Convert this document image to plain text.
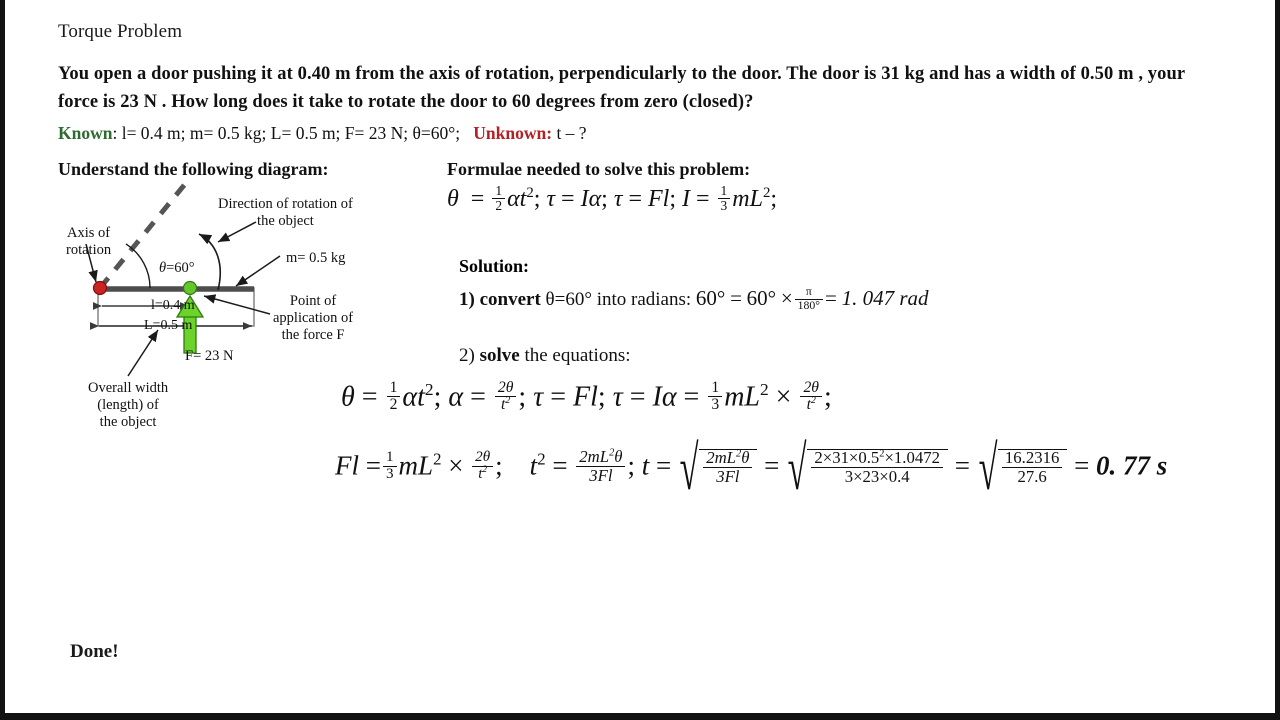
Torque Problem
You open a door pushing it at 0.40 m from the axis of rotation, perpendicularly to the door. The door is 31 kg and has a width of 0.50 m , your force is 23 N . How long does it take to rotate the door to 60 degrees from zero (closed)?
Known: l= 0.4 m; m= 0.5 kg; L= 0.5 m; F= 23 N; θ=60°; Unknown: t – ?
Understand the following diagram:	Formulae needed to solve this problem:
Solution:
$\theta = \frac{1}{2} \alpha t^2$; τ = Iα; τ = Fl; $I = \frac{1}{3} mL^2$;
1) convert θ=60° into radians: $60^\circ = 60^\circ \times \frac{\pi}{180^\circ} = 1$. 047 rad
2) solve the equations:
$\theta = \frac{1}{2} \alpha t^2$; $\alpha = \frac{2\theta}{t^2}$ ; τ = Fl; $\tau = I\alpha = \frac{1}{3} mL^2 \times \frac{2\theta}{t^2}$ ;
$Fl = \frac{1}{3} mL^2 \times \frac{2\theta}{t^2}$ ; $t^2 = \frac{2mL^2\theta}{3Fl}$ ; t = √ $\frac{2mL^2\theta}{3Fl}$ = √ $\frac{2\times 31\times 0.5^2\times 1.0472}{3\times 23\times 0.4}$ = √ $\frac{16.2316}{27.6} = 0$. 77 s
Axis of
rotation
Direction of rotation of
the object
θ=60°
m= 0.5 kg
Point of
application of
the force F
F= 23 N
Overall width
(length) of
the object
l=0.4 m
L=0.5 m
Done!
